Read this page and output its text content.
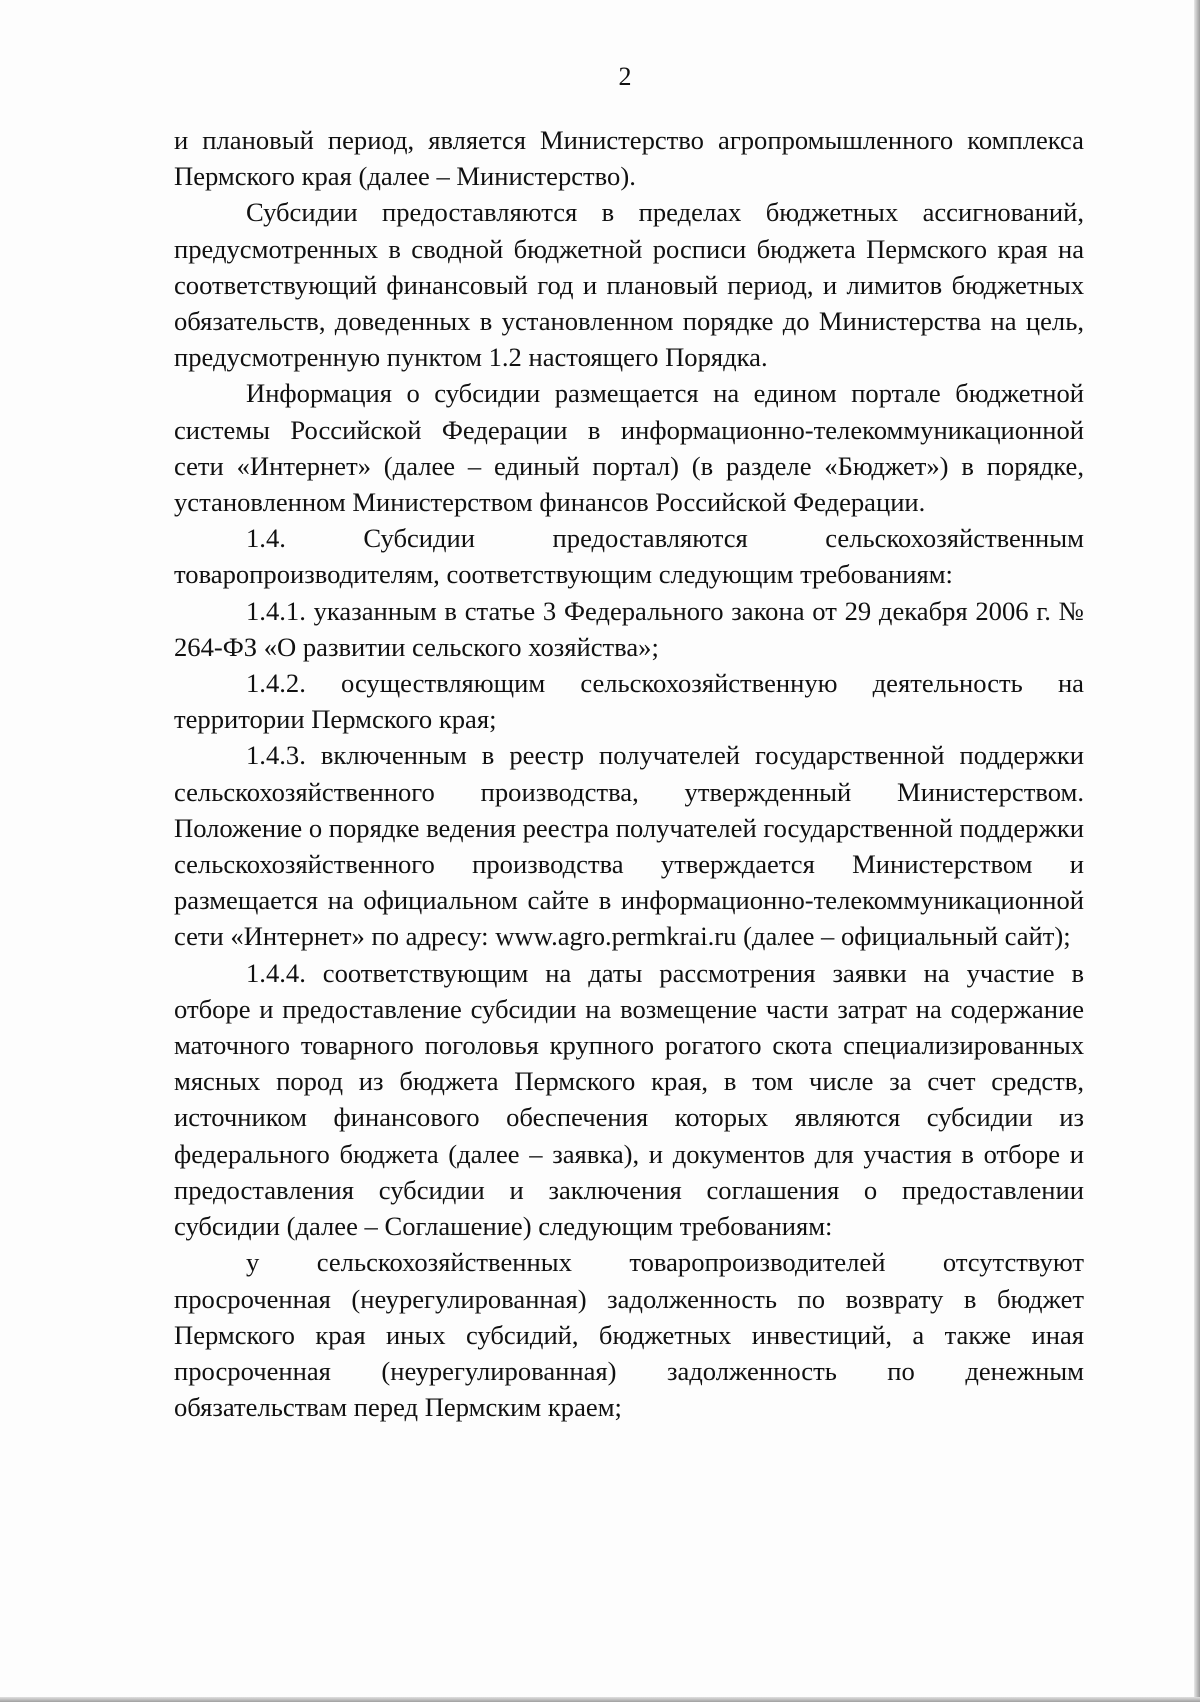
2

и плановый период, является Министерство агропромышленного комплекса Пермского края (далее – Министерство).

Субсидии предоставляются в пределах бюджетных ассигнований, предусмотренных в сводной бюджетной росписи бюджета Пермского края на соответствующий финансовый год и плановый период, и лимитов бюджетных обязательств, доведенных в установленном порядке до Министерства на цель, предусмотренную пунктом 1.2 настоящего Порядка.

Информация о субсидии размещается на едином портале бюджетной системы Российской Федерации в информационно-телекоммуникационной сети «Интернет» (далее – единый портал) (в разделе «Бюджет») в порядке, установленном Министерством финансов Российской Федерации.

1.4. Субсидии предоставляются сельскохозяйственным товаропроизводителям, соответствующим следующим требованиям:

1.4.1. указанным в статье 3 Федерального закона от 29 декабря 2006 г. № 264-ФЗ «О развитии сельского хозяйства»;

1.4.2. осуществляющим сельскохозяйственную деятельность на территории Пермского края;

1.4.3. включенным в реестр получателей государственной поддержки сельскохозяйственного производства, утвержденный Министерством. Положение о порядке ведения реестра получателей государственной поддержки сельскохозяйственного производства утверждается Министерством и размещается на официальном сайте в информационно-телекоммуникационной сети «Интернет» по адресу: www.agro.permkrai.ru (далее – официальный сайт);

1.4.4. соответствующим на даты рассмотрения заявки на участие в отборе и предоставление субсидии на возмещение части затрат на содержание маточного товарного поголовья крупного рогатого скота специализированных мясных пород из бюджета Пермского края, в том числе за счет средств, источником финансового обеспечения которых являются субсидии из федерального бюджета (далее – заявка), и документов для участия в отборе и предоставления субсидии и заключения соглашения о предоставлении субсидии (далее – Соглашение) следующим требованиям:

у сельскохозяйственных товаропроизводителей отсутствуют просроченная (неурегулированная) задолженность по возврату в бюджет Пермского края иных субсидий, бюджетных инвестиций, а также иная просроченная (неурегулированная) задолженность по денежным обязательствам перед Пермским краем;
